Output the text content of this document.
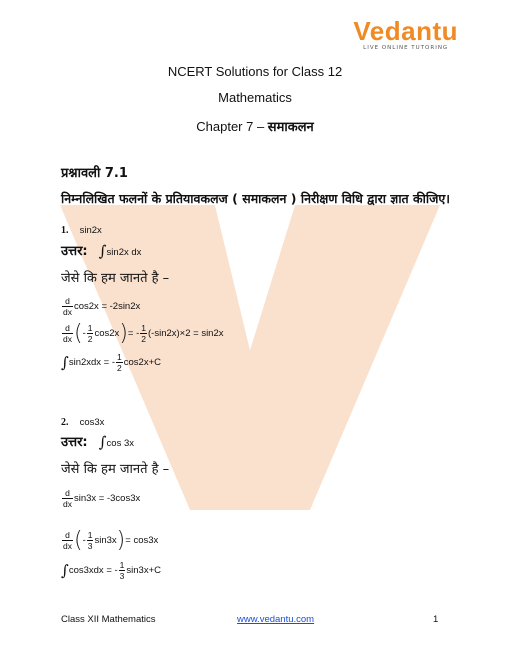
Vedantu
LIVE ONLINE TUTORING
NCERT Solutions for Class 12
Mathematics
Chapter 7 – समाकलन
प्रश्नावली 7.1
निम्नलिखित फलनों के प्रतियावकलज ( समाकलन ) निरीक्षण विधि द्वारा ज्ञात कीजिए।
1. sin2x
उत्तर: ∫sin2x dx
जेसे कि हम जानते है –
$\frac{d}{dx} \cos 2x = -2\sin 2x$
$\frac{d}{dx}$ (- $\frac{1}{2} \cos 2x)= - \frac{1}{2} (-\sin 2x)\times 2 = \sin 2x$
∫sin2xdx = - $\frac{1}{2} \cos 2x+C$
2. cos3x
उत्तर: ∫cos 3x
जेसे कि हम जानते है –
$\frac{d}{dx} \sin 3x = -3\cos 3x$
$\frac{d}{dx}$ (- $\frac{1}{3} \sin 3x)= \cos 3x$
∫cos3xdx = - $\frac{1}{3} \sin 3x+C$
Class XII Mathematics	www.vedantu.com	1
